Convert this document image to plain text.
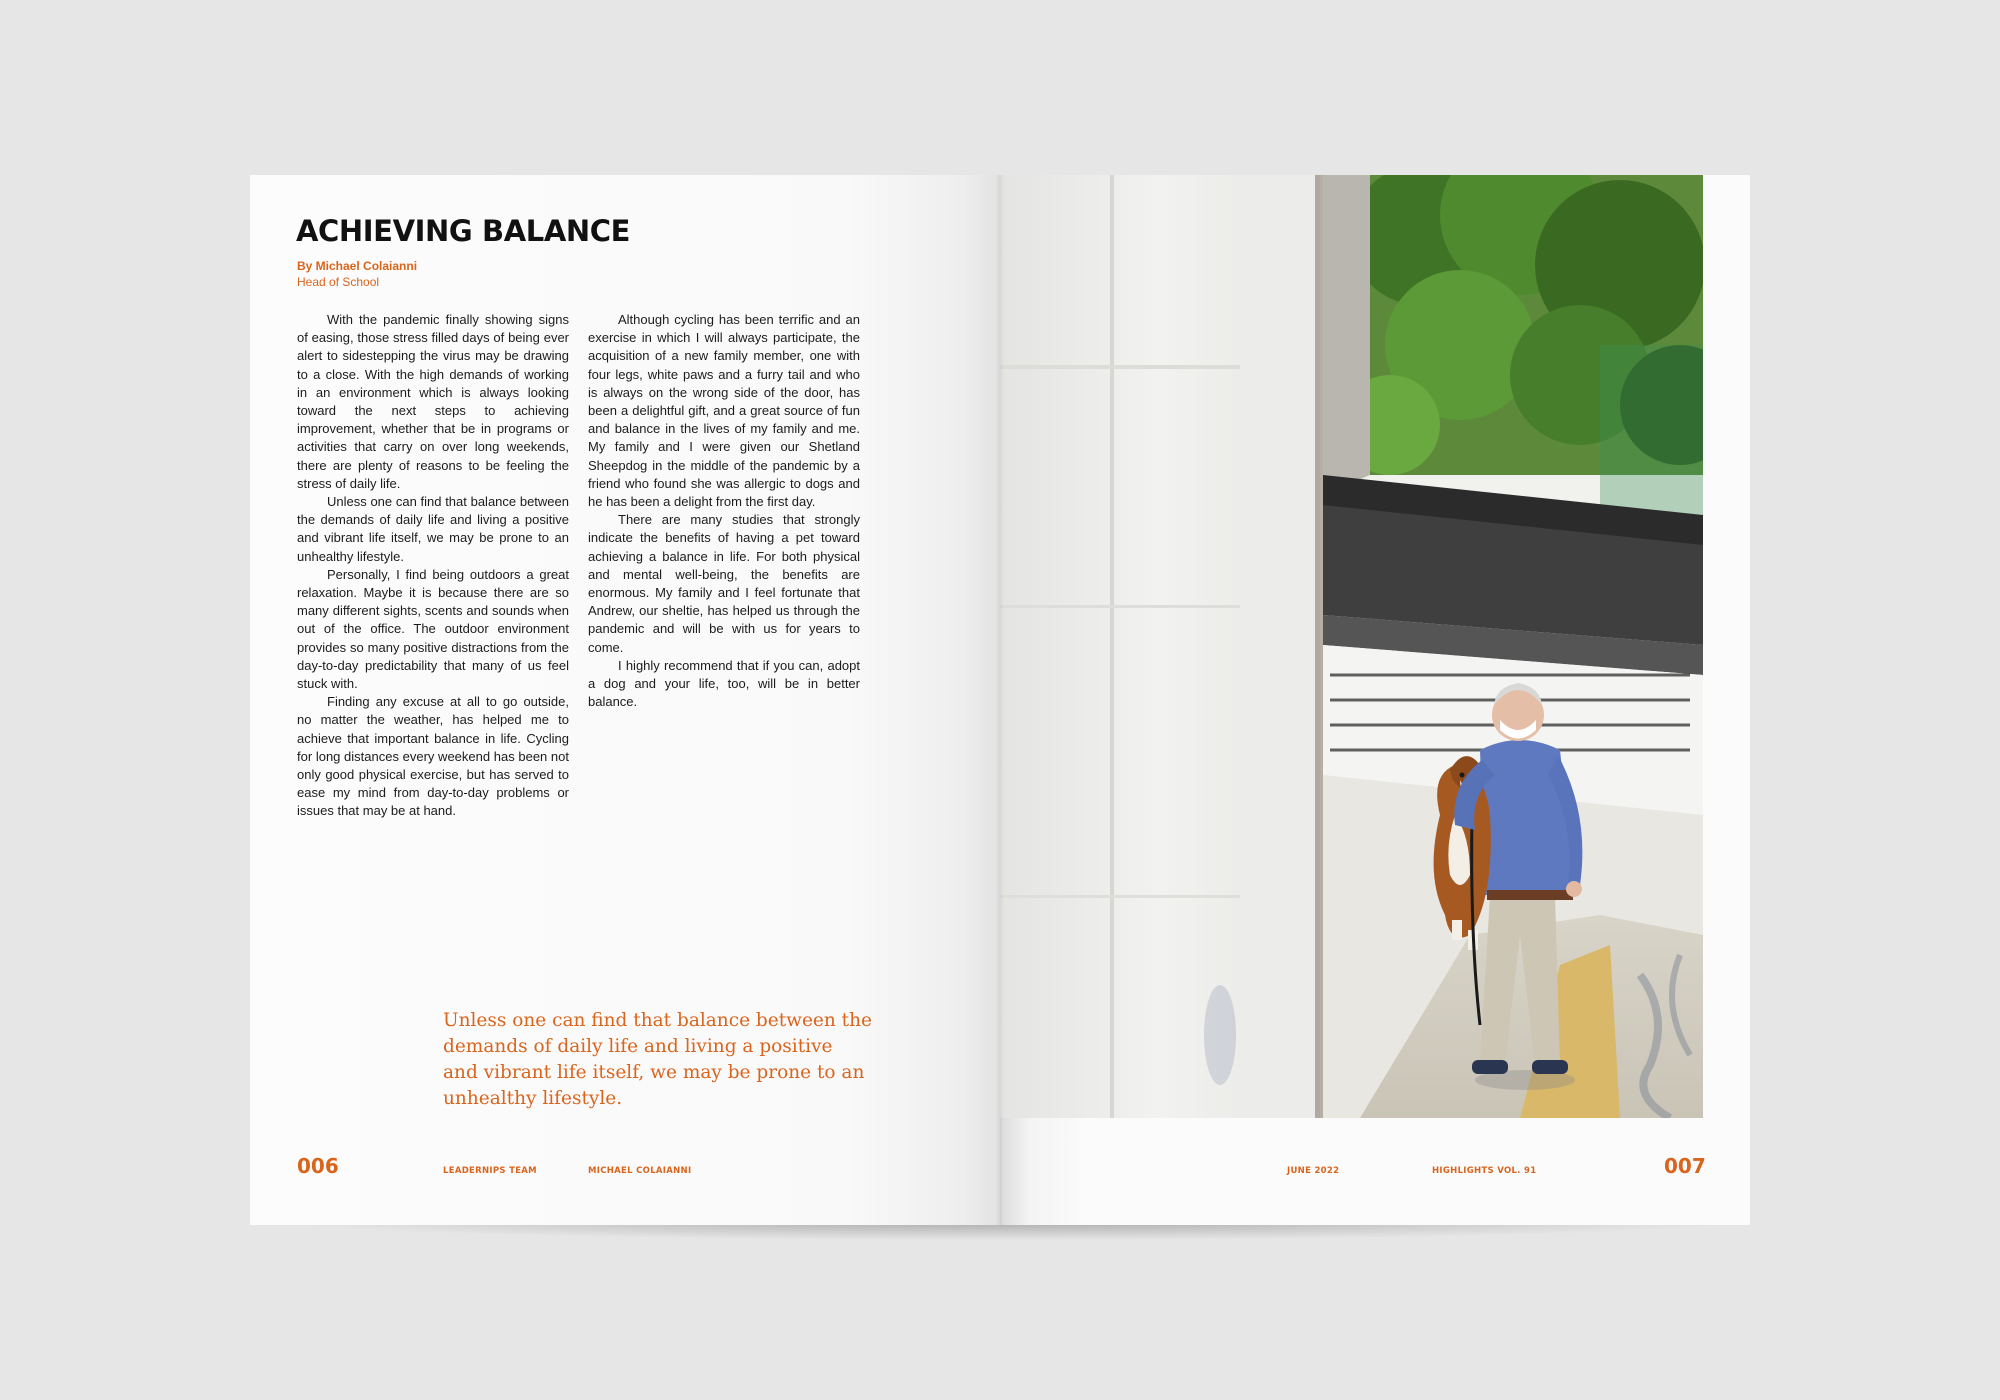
ACHIEVING BALANCE
By Michael Colaianni
Head of School

With the pandemic finally showing signs of easing, those stress filled days of being ever alert to sidestepping the virus may be drawing to a close. With the high demands of working in an environment which is always looking toward the next steps to achieving improvement, whether that be in programs or activities that carry on over long weekends, there are plenty of reasons to be feeling the stress of daily life.

Unless one can find that balance between the demands of daily life and living a positive and vibrant life itself, we may be prone to an unhealthy lifestyle.

Personally, I find being outdoors a great relaxation. Maybe it is because there are so many different sights, scents and sounds when out of the office. The outdoor environment provides so many positive distractions from the day-to-day predictability that many of us feel stuck with.

Finding any excuse at all to go outside, no matter the weather, has helped me to achieve that important balance in life. Cycling for long distances every weekend has been not only good physical exercise, but has served to ease my mind from day-to-day problems or issues that may be at hand.

Although cycling has been terrific and an exercise in which I will always participate, the acquisition of a new family member, one with four legs, white paws and a furry tail and who is always on the wrong side of the door, has been a delightful gift, and a great source of fun and balance in the lives of my family and me. My family and I were given our Shetland Sheepdog in the middle of the pandemic by a friend who found she was allergic to dogs and he has been a delight from the first day.

There are many studies that strongly indicate the benefits of having a pet toward achieving a balance in life. For both physical and mental well-being, the benefits are enormous. My family and I feel fortunate that Andrew, our sheltie, has helped us through the pandemic and will be with us for years to come.

I highly recommend that if you can, adopt a dog and your life, too, will be in better balance.

Unless one can find that balance between the demands of daily life and living a positive and vibrant life itself, we may be prone to an unhealthy lifestyle.

006	LEADERNIPS TEAM	MICHAEL COLAIANNI	JUNE 2022	HIGHLIGHTS VOL. 91	007
